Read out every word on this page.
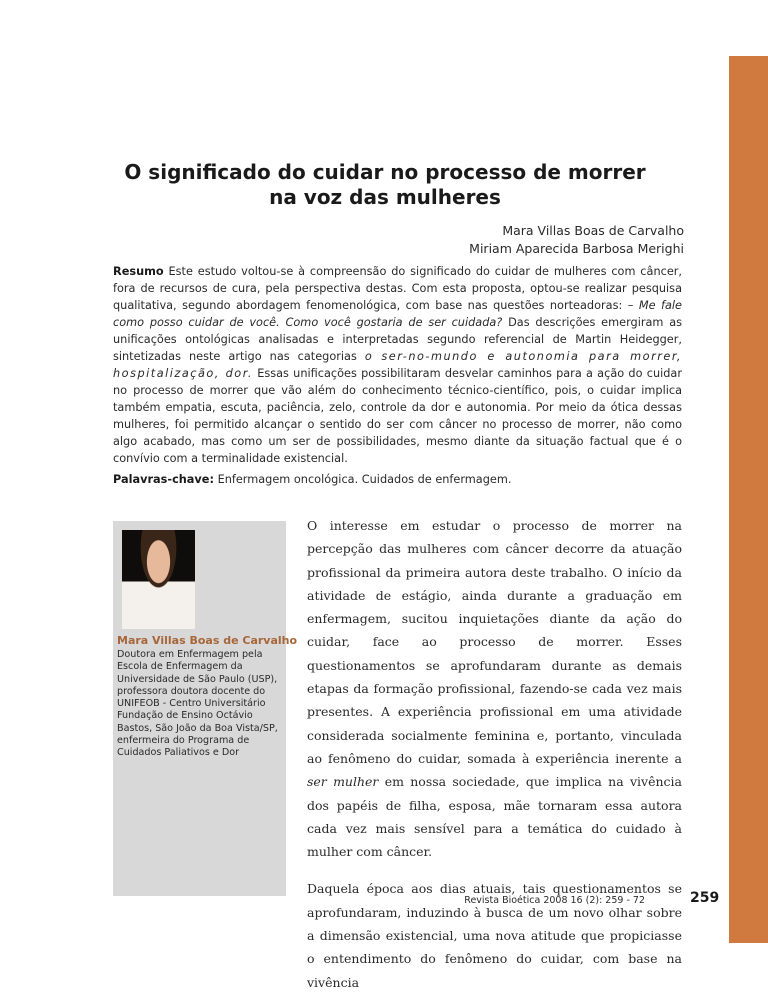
O significado do cuidar no processo de morrer na voz das mulheres
Mara Villas Boas de Carvalho
Miriam Aparecida Barbosa Merighi

Resumo Este estudo voltou-se à compreensão do significado do cuidar de mulheres com câncer, fora de recursos de cura, pela perspectiva destas. Com esta proposta, optou-se realizar pesquisa qualitativa, segundo abordagem fenomenológica, com base nas questões norteadoras: – Me fale como posso cuidar de você. Como você gostaria de ser cuidada? Das descrições emergiram as unificações ontológicas analisadas e interpretadas segundo referencial de Martin Heidegger, sintetizadas neste artigo nas categorias o ser-no-mundo e autonomia para morrer, hospitalização, dor. Essas unificações possibilitaram desvelar caminhos para a ação do cuidar no processo de morrer que vão além do conhecimento técnico-científico, pois, o cuidar implica também empatia, escuta, paciência, zelo, controle da dor e autonomia. Por meio da ótica dessas mulheres, foi permitido alcançar o sentido do ser com câncer no processo de morrer, não como algo acabado, mas como um ser de possibilidades, mesmo diante da situação factual que é o convívio com a terminalidade existencial.

Palavras-chave: Enfermagem oncológica. Cuidados de enfermagem.

Mara Villas Boas de Carvalho

Doutora em Enfermagem pela Escola de Enfermagem da Universidade de São Paulo (USP), professora doutora docente do UNIFEOB - Centro Universitário Fundação de Ensino Octávio Bastos, São João da Boa Vista/SP, enfermeira do Programa de Cuidados Paliativos e Dor

O interesse em estudar o processo de morrer na percepção das mulheres com câncer decorre da atuação profissional da primeira autora deste trabalho. O início da atividade de estágio, ainda durante a graduação em enfermagem, sucitou inquietações diante da ação do cuidar, face ao processo de morrer. Esses questionamentos se aprofundaram durante as demais etapas da formação profissional, fazendo-se cada vez mais presentes. A experiência profissional em uma atividade considerada socialmente feminina e, portanto, vinculada ao fenômeno do cuidar, somada à experiência inerente a ser mulher em nossa sociedade, que implica na vivência dos papéis de filha, esposa, mãe tornaram essa autora cada vez mais sensível para a temática do cuidado à mulher com câncer.

Daquela época aos dias atuais, tais questionamentos se aprofundaram, induzindo à busca de um novo olhar sobre a dimensão existencial, uma nova atitude que propiciasse o entendimento do fenômeno do cuidar, com base na vivência

Revista Bioética 2008 16 (2): 259 - 72	259
